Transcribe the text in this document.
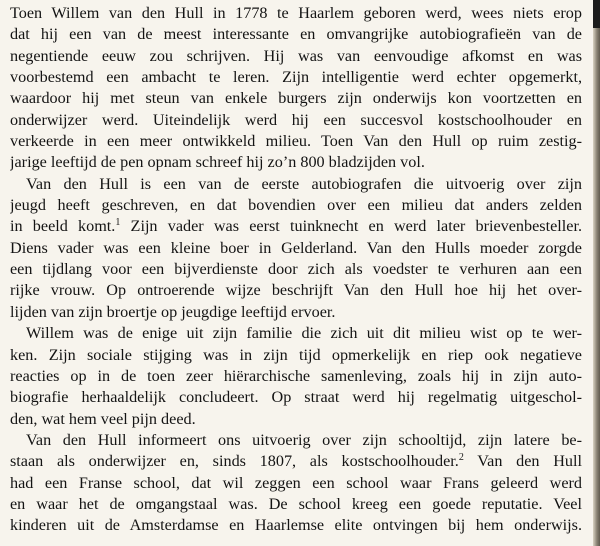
Toen Willem van den Hull in 1778 te Haarlem geboren werd, wees niets erop
dat hij een van de meest interessante en omvangrijke autobiografieën van de
negentiende eeuw zou schrijven. Hij was van eenvoudige afkomst en was
voorbestemd een ambacht te leren. Zijn intelligentie werd echter opgemerkt,
waardoor hij met steun van enkele burgers zijn onderwijs kon voortzetten en
onderwijzer werd. Uiteindelijk werd hij een succesvol kostschoolhouder en
verkeerde in een meer ontwikkeld milieu. Toen Van den Hull op ruim zestig-
jarige leeftijd de pen opnam schreef hij zo’n 800 bladzijden vol.
Van den Hull is een van de eerste autobiografen die uitvoerig over zijn
jeugd heeft geschreven, en dat bovendien over een milieu dat anders zelden
in beeld komt.$^1$ Zijn vader was eerst tuinknecht en werd later brievenbesteller.
Diens vader was een kleine boer in Gelderland. Van den Hulls moeder zorgde
een tijdlang voor een bijverdienste door zich als voedster te verhuren aan een
rijke vrouw. Op ontroerende wijze beschrijft Van den Hull hoe hij het over-
lijden van zijn broertje op jeugdige leeftijd ervoer.
Willem was de enige uit zijn familie die zich uit dit milieu wist op te wer-
ken. Zijn sociale stijging was in zijn tijd opmerkelijk en riep ook negatieve
reacties op in de toen zeer hiërarchische samenleving, zoals hij in zijn auto-
biografie herhaaldelijk concludeert. Op straat werd hij regelmatig uitgeschol-
den, wat hem veel pijn deed.
Van den Hull informeert ons uitvoerig over zijn schooltijd, zijn latere be-
staan als onderwijzer en, sinds 1807, als kostschoolhouder.$^2$ Van den Hull
had een Franse school, dat wil zeggen een school waar Frans geleerd werd
en waar het de omgangstaal was. De school kreeg een goede reputatie. Veel
kinderen uit de Amsterdamse en Haarlemse elite ontvingen bij hem onderwijs.
